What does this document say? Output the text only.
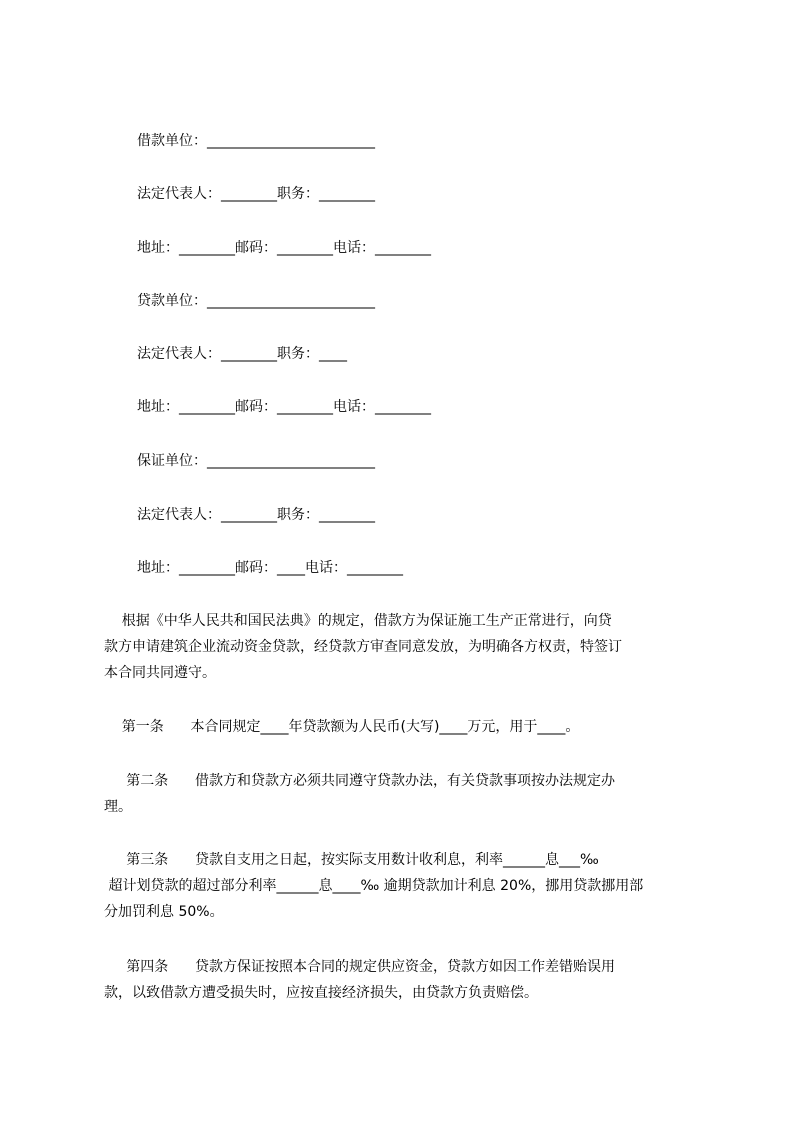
借款单位：________________________
法定代表人：________职务：________
地址：________邮码：________电话：________
贷款单位：________________________
法定代表人：________职务：____
地址：________邮码：________电话：________
保证单位：________________________
法定代表人：________职务：________
地址：________邮码：____电话：________
根据《中华人民共和国民法典》的规定，借款方为保证施工生产正常进行，向贷
款方申请建筑企业流动资金贷款，经贷款方审查同意发放，为明确各方权责，特签订
本合同共同遵守。
第一条      本合同规定____年贷款额为人民币(大写)____万元，用于____。
第二条      借款方和贷款方必须共同遵守贷款办法，有关贷款事项按办法规定办
理。
第三条      贷款自支用之日起，按实际支用数计收利息，利率______息___‰
超计划贷款的超过部分利率______息____‰ 逾期贷款加计利息 20%，挪用贷款挪用部
分加罚利息 50%。
第四条      贷款方保证按照本合同的规定供应资金，贷款方如因工作差错贻误用
款，以致借款方遭受损失时，应按直接经济损失，由贷款方负责赔偿。
